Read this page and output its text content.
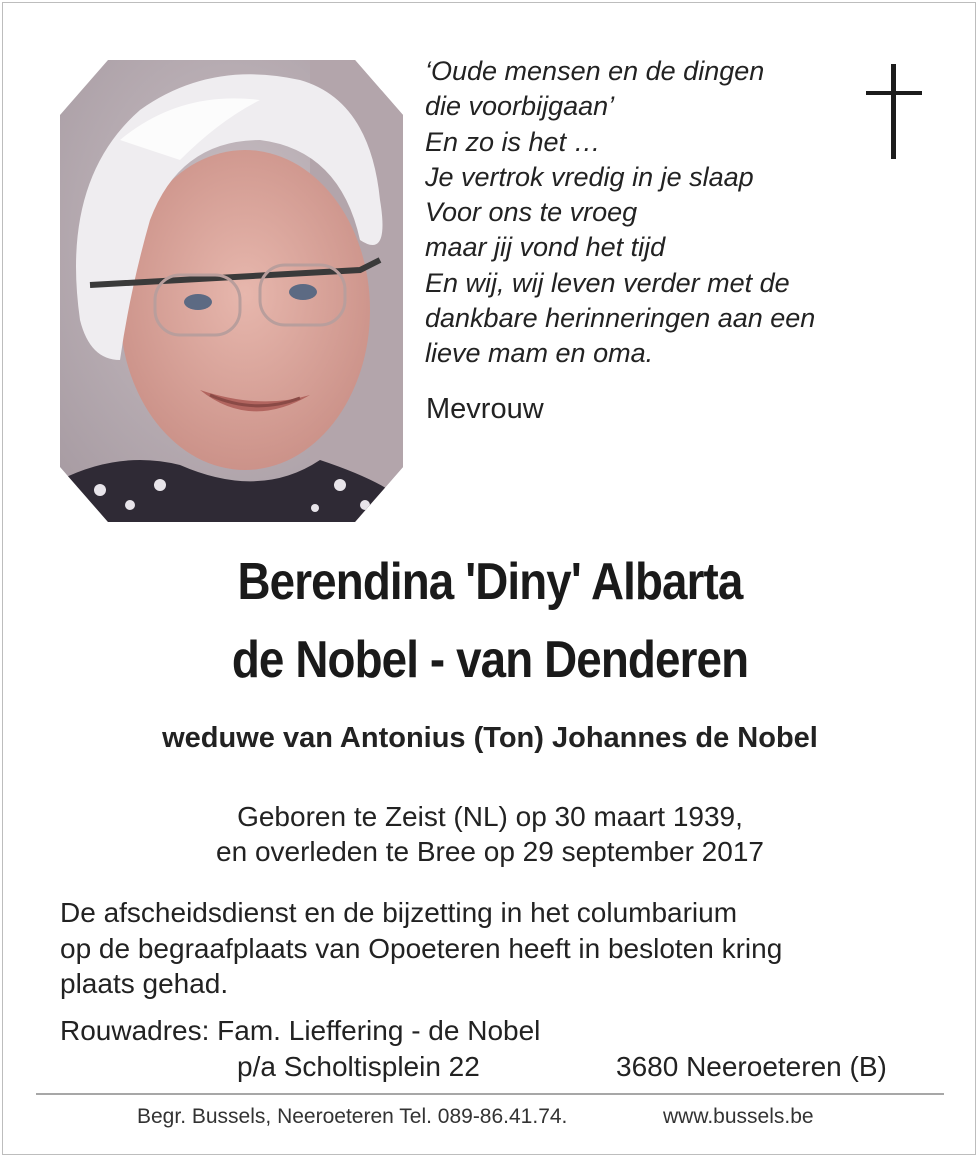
‘Oude mensen en de dingen
die voorbijgaan’
En zo is het …
Je vertrok vredig in je slaap
Voor ons te vroeg
maar jij vond het tijd
En wij, wij leven verder met de
dankbare herinneringen aan een
lieve mam en oma.
Mevrouw
Berendina 'Diny' Albarta
de Nobel - van Denderen
weduwe van Antonius (Ton) Johannes de Nobel
Geboren te Zeist (NL) op 30 maart 1939,
en overleden te Bree op 29 september 2017
De afscheidsdienst en de bijzetting in het columbarium
op de begraafplaats van Opoeteren heeft in besloten kring
plaats gehad.
Rouwadres: Fam. Lieffering - de Nobel
p/a Scholtisplein 22	3680 Neeroeteren (B)
Begr. Bussels, Neeroeteren Tel. 089-86.41.74.	www.bussels.be
